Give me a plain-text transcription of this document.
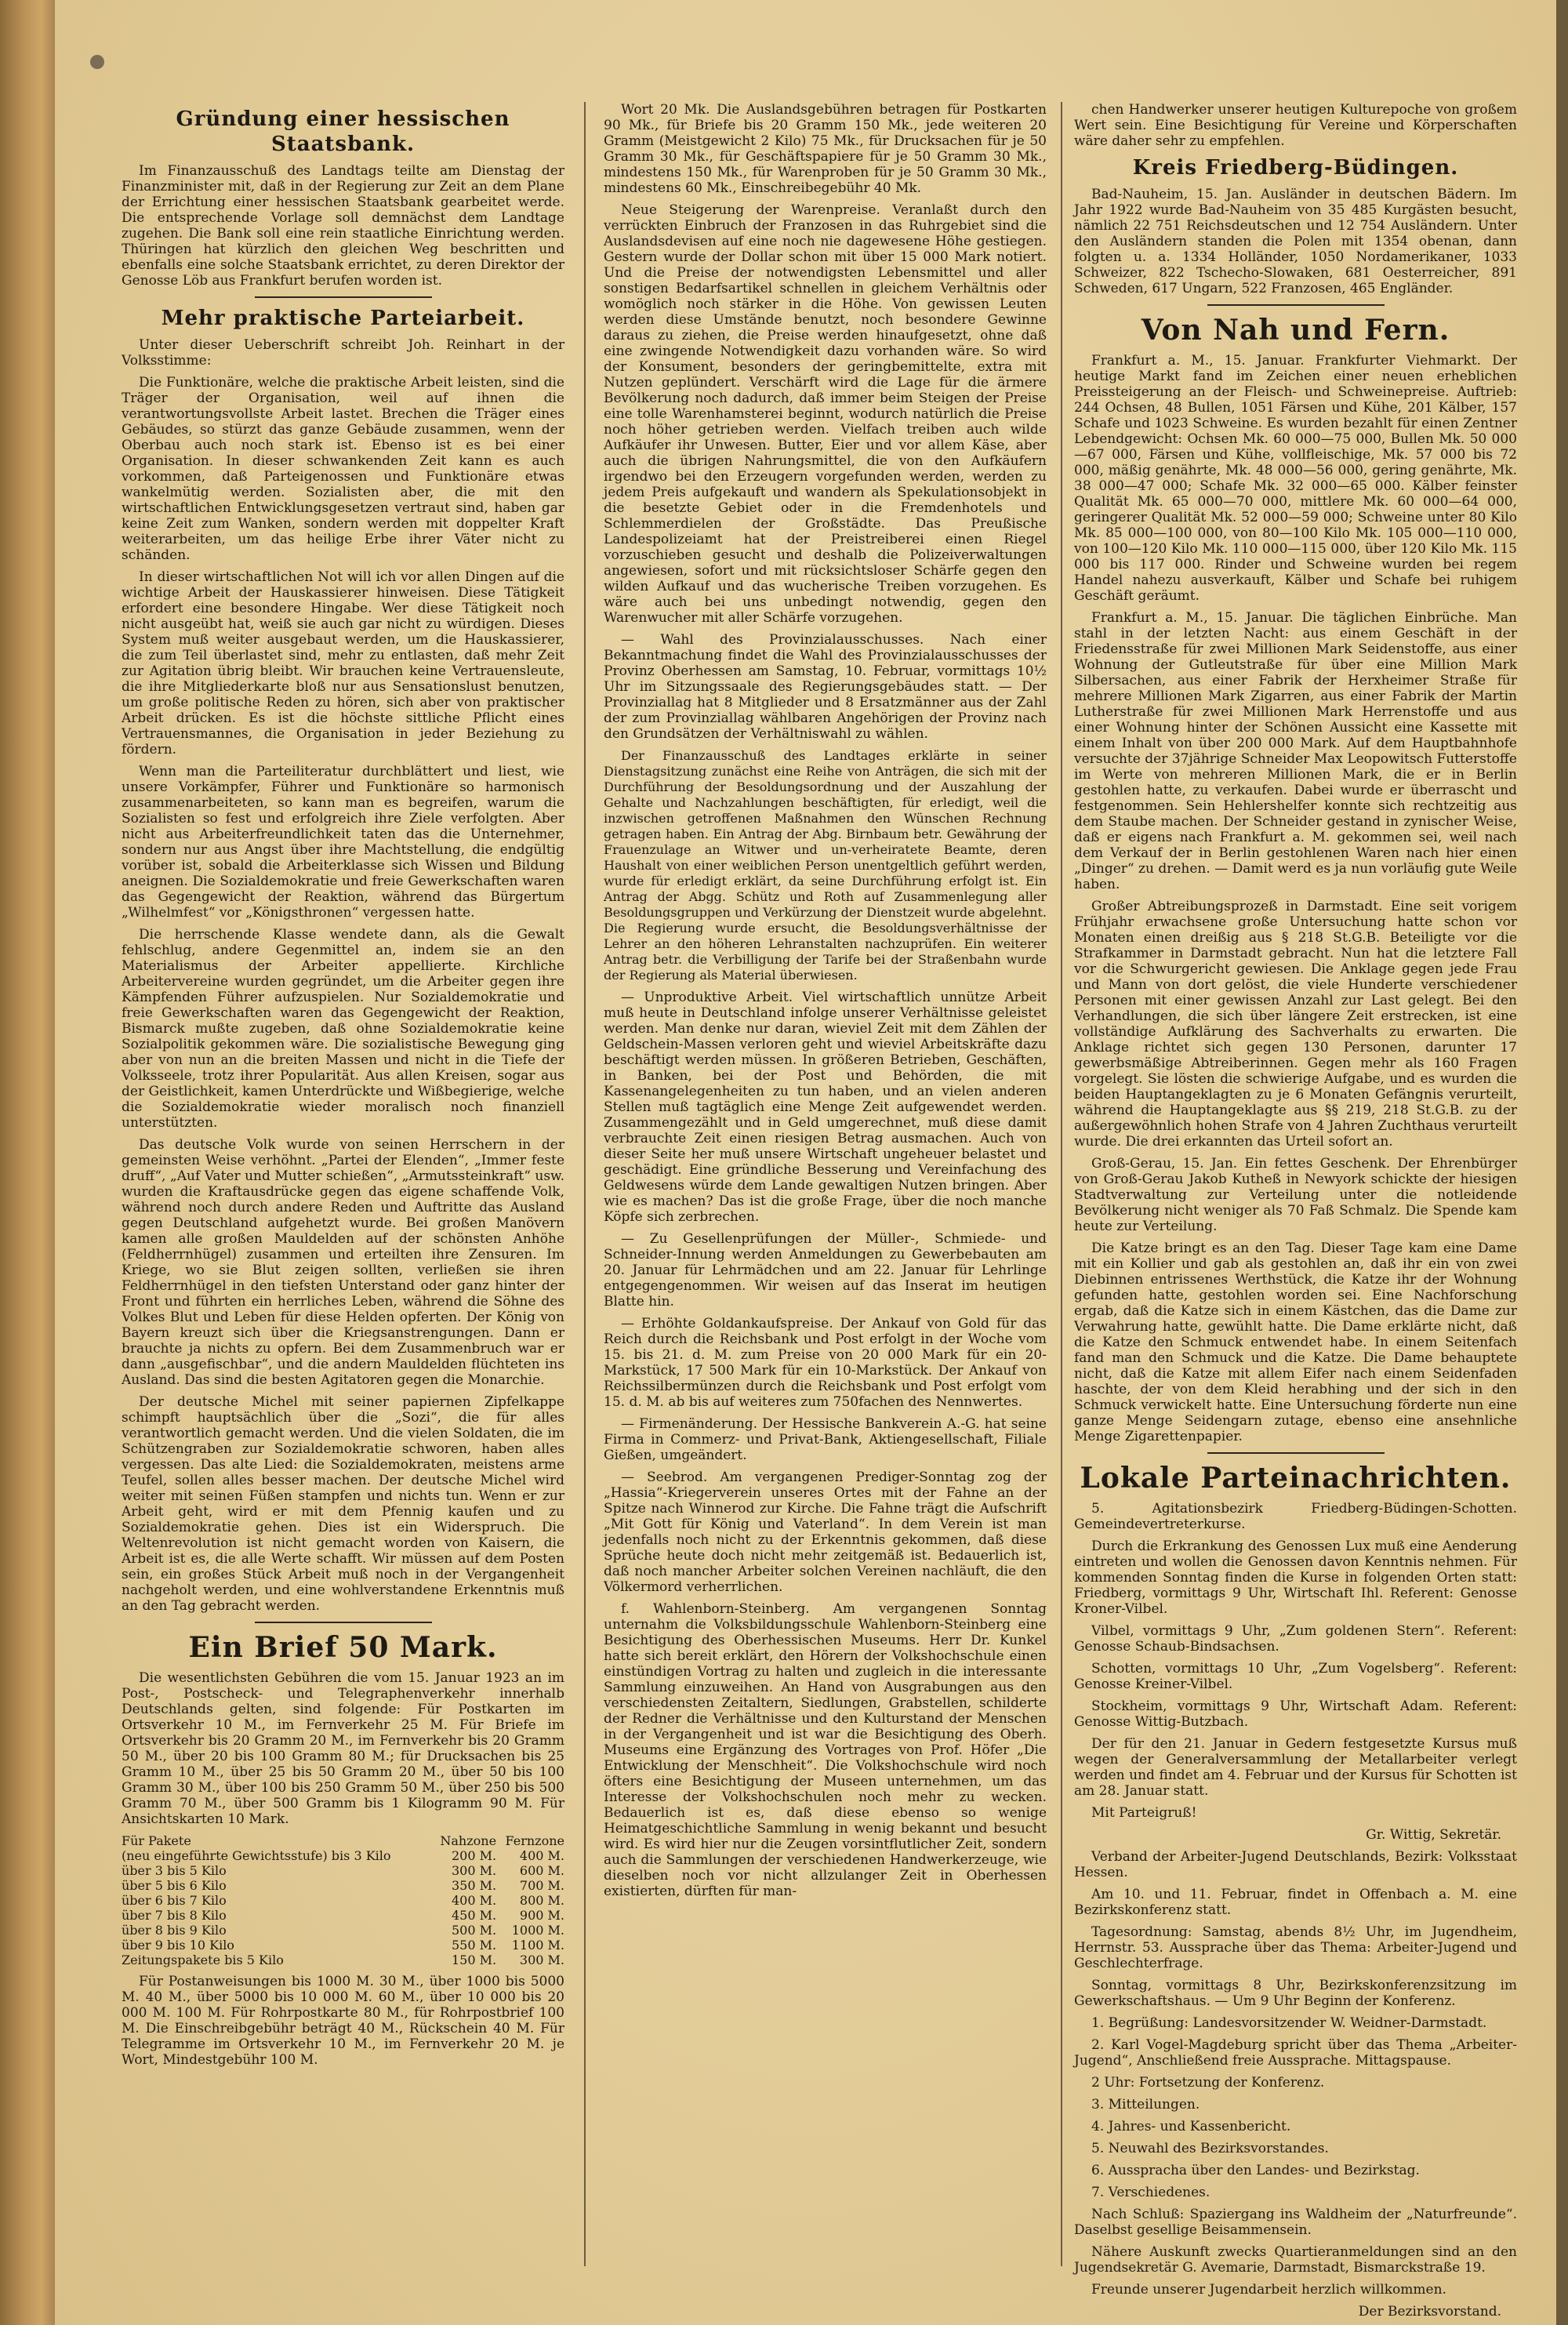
Gründung einer hessischen Staatsbank.

Im Finanzausschuß des Landtags teilte am Dienstag der Finanzminister mit, daß in der Regierung zur Zeit an dem Plane der Errichtung einer hessischen Staatsbank gearbeitet werde. Die entsprechende Vorlage soll demnächst dem Landtage zugehen. Die Bank soll eine rein staatliche Einrichtung werden. Thüringen hat kürzlich den gleichen Weg beschritten und ebenfalls eine solche Staatsbank errichtet, zu deren Direktor der Genosse Löb aus Frankfurt berufen worden ist.

Mehr praktische Parteiarbeit.

Unter dieser Ueberschrift schreibt Joh. Reinhart in der Volksstimme:

Die Funktionäre, welche die praktische Arbeit leisten, sind die Träger der Organisation, weil auf ihnen die verantwortungsvollste Arbeit lastet. Brechen die Träger eines Gebäudes, so stürzt das ganze Gebäude zusammen, wenn der Oberbau auch noch stark ist. Ebenso ist es bei einer Organisation. In dieser schwankenden Zeit kann es auch vorkommen, daß Parteigenossen und Funktionäre etwas wankelmütig werden. Sozialisten aber, die mit den wirtschaftlichen Entwicklungsgesetzen vertraut sind, haben gar keine Zeit zum Wanken, sondern werden mit doppelter Kraft weiterarbeiten, um das heilige Erbe ihrer Väter nicht zu schänden.

In dieser wirtschaftlichen Not will ich vor allen Dingen auf die wichtige Arbeit der Hauskassierer hinweisen. Diese Tätigkeit erfordert eine besondere Hingabe. Wer diese Tätigkeit noch nicht ausgeübt hat, weiß sie auch gar nicht zu würdigen. Dieses System muß weiter ausgebaut werden, um die Hauskassierer, die zum Teil überlastet sind, mehr zu entlasten, daß mehr Zeit zur Agitation übrig bleibt. Wir brauchen keine Vertrauensleute, die ihre Mitgliederkarte bloß nur aus Sensationslust benutzen, um große politische Reden zu hören, sich aber von praktischer Arbeit drücken. Es ist die höchste sittliche Pflicht eines Vertrauensmannes, die Organisation in jeder Beziehung zu fördern.

Wenn man die Parteiliteratur durchblättert und liest, wie unsere Vorkämpfer, Führer und Funktionäre so harmonisch zusammenarbeiteten, so kann man es begreifen, warum die Sozialisten so fest und erfolgreich ihre Ziele verfolgten. Aber nicht aus Arbeiterfreundlichkeit taten das die Unternehmer, sondern nur aus Angst über ihre Machtstellung, die endgültig vorüber ist, sobald die Arbeiterklasse sich Wissen und Bildung aneignen. Die Sozialdemokratie und freie Gewerkschaften waren das Gegengewicht der Reaktion, während das Bürgertum „Wilhelmfest“ vor „Königsthronen“ vergessen hatte.

Die herrschende Klasse wendete dann, als die Gewalt fehlschlug, andere Gegenmittel an, indem sie an den Materialismus der Arbeiter appellierte. Kirchliche Arbeitervereine wurden gegründet, um die Arbeiter gegen ihre Kämpfenden Führer aufzuspielen. Nur Sozialdemokratie und freie Gewerkschaften waren das Gegengewicht der Reaktion, Bismarck mußte zugeben, daß ohne Sozialdemokratie keine Sozialpolitik gekommen wäre. Die sozialistische Bewegung ging aber von nun an die breiten Massen und nicht in die Tiefe der Volksseele, trotz ihrer Popularität. Aus allen Kreisen, sogar aus der Geistlichkeit, kamen Unterdrückte und Wißbegierige, welche die Sozialdemokratie wieder moralisch noch finanziell unterstützten.

Das deutsche Volk wurde von seinen Herrschern in der gemeinsten Weise verhöhnt. „Partei der Elenden“, „Immer feste druff“, „Auf Vater und Mutter schießen“, „Armutssteinkraft“ usw. wurden die Kraftausdrücke gegen das eigene schaffende Volk, während noch durch andere Reden und Auftritte das Ausland gegen Deutschland aufgehetzt wurde. Bei großen Manövern kamen alle großen Mauldelden auf der schönsten Anhöhe (Feldherrnhügel) zusammen und erteilten ihre Zensuren. Im Kriege, wo sie Blut zeigen sollten, verließen sie ihren Feldherrnhügel in den tiefsten Unterstand oder ganz hinter der Front und führten ein herrliches Leben, während die Söhne des Volkes Blut und Leben für diese Helden opferten. Der König von Bayern kreuzt sich über die Kriegsanstrengungen. Dann er brauchte ja nichts zu opfern. Bei dem Zusammenbruch war er dann „ausgefischbar“, und die andern Mauldelden flüchteten ins Ausland. Das sind die besten Agitatoren gegen die Monarchie.

Der deutsche Michel mit seiner papiernen Zipfelkappe schimpft hauptsächlich über die „Sozi“, die für alles verantwortlich gemacht werden. Und die vielen Soldaten, die im Schützengraben zur Sozialdemokratie schworen, haben alles vergessen. Das alte Lied: die Sozialdemokraten, meistens arme Teufel, sollen alles besser machen. Der deutsche Michel wird weiter mit seinen Füßen stampfen und nichts tun. Wenn er zur Arbeit geht, wird er mit dem Pfennig kaufen und zu Sozialdemokratie gehen. Dies ist ein Widerspruch. Die Weltenrevolution ist nicht gemacht worden von Kaisern, die Arbeit ist es, die alle Werte schafft. Wir müssen auf dem Posten sein, ein großes Stück Arbeit muß noch in der Vergangenheit nachgeholt werden, und eine wohlverstandene Erkenntnis muß an den Tag gebracht werden.

Ein Brief 50 Mark.

Die wesentlichsten Gebühren die vom 15. Januar 1923 an im Post-, Postscheck- und Telegraphenverkehr innerhalb Deutschlands gelten, sind folgende: Für Postkarten im Ortsverkehr 10 M., im Fernverkehr 25 M. Für Briefe im Ortsverkehr bis 20 Gramm 20 M., im Fernverkehr bis 20 Gramm 50 M., über 20 bis 100 Gramm 80 M.; für Drucksachen bis 25 Gramm 10 M., über 25 bis 50 Gramm 20 M., über 50 bis 100 Gramm 30 M., über 100 bis 250 Gramm 50 M., über 250 bis 500 Gramm 70 M., über 500 Gramm bis 1 Kilogramm 90 M. Für Ansichtskarten 10 Mark.

Für Pakete	Nahzone	Fernzone
(neu eingeführte Gewichtsstufe) bis 3 Kilo	200 M.	400 M.
über 3 bis 5 Kilo	300 M.	600 M.
über 5 bis 6 Kilo	350 M.	700 M.
über 6 bis 7 Kilo	400 M.	800 M.
über 7 bis 8 Kilo	450 M.	900 M.
über 8 bis 9 Kilo	500 M.	1000 M.
über 9 bis 10 Kilo	550 M.	1100 M.
Zeitungspakete bis 5 Kilo	150 M.	300 M.

Für Postanweisungen bis 1000 M. 30 M., über 1000 bis 5000 M. 40 M., über 5000 bis 10 000 M. 60 M., über 10 000 bis 20 000 M. 100 M. Für Rohrpostkarte 80 M., für Rohrpostbrief 100 M. Die Einschreibgebühr beträgt 40 M., Rückschein 40 M. Für Telegramme im Ortsverkehr 10 M., im Fernverkehr 20 M. je Wort, Mindestgebühr 100 M.

Wort 20 Mk. Die Auslandsgebühren betragen für Postkarten 90 Mk., für Briefe bis 20 Gramm 150 Mk., jede weiteren 20 Gramm (Meistgewicht 2 Kilo) 75 Mk., für Drucksachen für je 50 Gramm 30 Mk., für Geschäftspapiere für je 50 Gramm 30 Mk., mindestens 150 Mk., für Warenproben für je 50 Gramm 30 Mk., mindestens 60 Mk., Einschreibegebühr 40 Mk.

Neue Steigerung der Warenpreise. Veranlaßt durch den verrückten Einbruch der Franzosen in das Ruhrgebiet sind die Auslandsdevisen auf eine noch nie dagewesene Höhe gestiegen. Gestern wurde der Dollar schon mit über 15 000 Mark notiert. Und die Preise der notwendigsten Lebensmittel und aller sonstigen Bedarfsartikel schnellen in gleichem Verhältnis oder womöglich noch stärker in die Höhe. Von gewissen Leuten werden diese Umstände benutzt, noch besondere Gewinne daraus zu ziehen, die Preise werden hinaufgesetzt, ohne daß eine zwingende Notwendigkeit dazu vorhanden wäre. So wird der Konsument, besonders der geringbemittelte, extra mit Nutzen geplündert. Verschärft wird die Lage für die ärmere Bevölkerung noch dadurch, daß immer beim Steigen der Preise eine tolle Warenhamsterei beginnt, wodurch natürlich die Preise noch höher getrieben werden. Vielfach treiben auch wilde Aufkäufer ihr Unwesen. Butter, Eier und vor allem Käse, aber auch die übrigen Nahrungsmittel, die von den Aufkäufern irgendwo bei den Erzeugern vorgefunden werden, werden zu jedem Preis aufgekauft und wandern als Spekulationsobjekt in die besetzte Gebiet oder in die Fremdenhotels und Schlemmerdielen der Großstädte. Das Preußische Landespolizeiamt hat der Preistreiberei einen Riegel vorzuschieben gesucht und deshalb die Polizeiverwaltungen angewiesen, sofort und mit rücksichtsloser Schärfe gegen den wilden Aufkauf und das wucherische Treiben vorzugehen. Es wäre auch bei uns unbedingt notwendig, gegen den Warenwucher mit aller Schärfe vorzugehen.

— Wahl des Provinzialausschusses. Nach einer Bekanntmachung findet die Wahl des Provinzialausschusses der Provinz Oberhessen am Samstag, 10. Februar, vormittags 10½ Uhr im Sitzungssaale des Regierungsgebäudes statt. — Der Provinziallag hat 8 Mitglieder und 8 Ersatzmänner aus der Zahl der zum Provinziallag wählbaren Angehörigen der Provinz nach den Grundsätzen der Verhältniswahl zu wählen.

Der Finanzausschuß des Landtages erklärte in seiner Dienstagsitzung zunächst eine Reihe von Anträgen, die sich mit der Durchführung der Besoldungsordnung und der Auszahlung der Gehalte und Nachzahlungen beschäftigten, für erledigt, weil die inzwischen getroffenen Maßnahmen den Wünschen Rechnung getragen haben. Ein Antrag der Abg. Birnbaum betr. Gewährung der Frauenzulage an Witwer und un-verheiratete Beamte, deren Haushalt von einer weiblichen Person unentgeltlich geführt werden, wurde für erledigt erklärt, da seine Durchführung erfolgt ist. Ein Antrag der Abgg. Schütz und Roth auf Zusammenlegung aller Besoldungsgruppen und Verkürzung der Dienstzeit wurde abgelehnt. Die Regierung wurde ersucht, die Besoldungsverhältnisse der Lehrer an den höheren Lehranstalten nachzuprüfen. Ein weiterer Antrag betr. die Verbilligung der Tarife bei der Straßenbahn wurde der Regierung als Material überwiesen.

— Unproduktive Arbeit. Viel wirtschaftlich unnütze Arbeit muß heute in Deutschland infolge unserer Verhältnisse geleistet werden. Man denke nur daran, wieviel Zeit mit dem Zählen der Geldschein-Massen verloren geht und wieviel Arbeitskräfte dazu beschäftigt werden müssen. In größeren Betrieben, Geschäften, in Banken, bei der Post und Behörden, die mit Kassenangelegenheiten zu tun haben, und an vielen anderen Stellen muß tagtäglich eine Menge Zeit aufgewendet werden. Zusammengezählt und in Geld umgerechnet, muß diese damit verbrauchte Zeit einen riesigen Betrag ausmachen. Auch von dieser Seite her muß unsere Wirtschaft ungeheuer belastet und geschädigt. Eine gründliche Besserung und Vereinfachung des Geldwesens würde dem Lande gewaltigen Nutzen bringen. Aber wie es machen? Das ist die große Frage, über die noch manche Köpfe sich zerbrechen.

— Zu Gesellenprüfungen der Müller-, Schmiede- und Schneider-Innung werden Anmeldungen zu Gewerbebauten am 20. Januar für Lehrmädchen und am 22. Januar für Lehrlinge entgegengenommen. Wir weisen auf das Inserat im heutigen Blatte hin.

— Erhöhte Goldankaufspreise. Der Ankauf von Gold für das Reich durch die Reichsbank und Post erfolgt in der Woche vom 15. bis 21. d. M. zum Preise von 20 000 Mark für ein 20-Markstück, 17 500 Mark für ein 10-Markstück. Der Ankauf von Reichssilbermünzen durch die Reichsbank und Post erfolgt vom 15. d. M. ab bis auf weiteres zum 750fachen des Nennwertes.

— Firmenänderung. Der Hessische Bankverein A.-G. hat seine Firma in Commerz- und Privat-Bank, Aktiengesellschaft, Filiale Gießen, umgeändert.

— Seebrod. Am vergangenen Prediger-Sonntag zog der „Hassia“-Kriegerverein unseres Ortes mit der Fahne an der Spitze nach Winnerod zur Kirche. Die Fahne trägt die Aufschrift „Mit Gott für König und Vaterland“. In dem Verein ist man jedenfalls noch nicht zu der Erkenntnis gekommen, daß diese Sprüche heute doch nicht mehr zeitgemäß ist. Bedauerlich ist, daß noch mancher Arbeiter solchen Vereinen nachläuft, die den Völkermord verherrlichen.

f. Wahlenborn-Steinberg. Am vergangenen Sonntag unternahm die Volksbildungsschule Wahlenborn-Steinberg eine Besichtigung des Oberhessischen Museums. Herr Dr. Kunkel hatte sich bereit erklärt, den Hörern der Volkshochschule einen einstündigen Vortrag zu halten und zugleich in die interessante Sammlung einzuweihen. An Hand von Ausgrabungen aus den verschiedensten Zeitaltern, Siedlungen, Grabstellen, schilderte der Redner die Verhältnisse und den Kulturstand der Menschen in der Vergangenheit und ist war die Besichtigung des Oberh. Museums eine Ergänzung des Vortrages von Prof. Höfer „Die Entwicklung der Menschheit“. Die Volkshochschule wird noch öfters eine Besichtigung der Museen unternehmen, um das Interesse der Volkshochschulen noch mehr zu wecken. Bedauerlich ist es, daß diese ebenso so wenige Heimatgeschichtliche Sammlung in wenig bekannt und besucht wird. Es wird hier nur die Zeugen vorsintflutlicher Zeit, sondern auch die Sammlungen der verschiedenen Handwerkerzeuge, wie dieselben noch vor nicht allzulanger Zeit in Oberhessen existierten, dürften für man-

chen Handwerker unserer heutigen Kulturepoche von großem Wert sein. Eine Besichtigung für Vereine und Körperschaften wäre daher sehr zu empfehlen.

Kreis Friedberg-Büdingen.

Bad-Nauheim, 15. Jan. Ausländer in deutschen Bädern. Im Jahr 1922 wurde Bad-Nauheim von 35 485 Kurgästen besucht, nämlich 22 751 Reichsdeutschen und 12 754 Ausländern. Unter den Ausländern standen die Polen mit 1354 obenan, dann folgten u. a. 1334 Holländer, 1050 Nordamerikaner, 1033 Schweizer, 822 Tschecho-Slowaken, 681 Oesterreicher, 891 Schweden, 617 Ungarn, 522 Franzosen, 465 Engländer.

Von Nah und Fern.

Frankfurt a. M., 15. Januar. Frankfurter Viehmarkt. Der heutige Markt fand im Zeichen einer neuen erheblichen Preissteigerung an der Fleisch- und Schweinepreise. Auftrieb: 244 Ochsen, 48 Bullen, 1051 Färsen und Kühe, 201 Kälber, 157 Schafe und 1023 Schweine. Es wurden bezahlt für einen Zentner Lebendgewicht: Ochsen Mk. 60 000—75 000, Bullen Mk. 50 000—67 000, Färsen und Kühe, vollfleischige, Mk. 57 000 bis 72 000, mäßig genährte, Mk. 48 000—56 000, gering genährte, Mk. 38 000—47 000; Schafe Mk. 32 000—65 000. Kälber feinster Qualität Mk. 65 000—70 000, mittlere Mk. 60 000—64 000, geringerer Qualität Mk. 52 000—59 000; Schweine unter 80 Kilo Mk. 85 000—100 000, von 80—100 Kilo Mk. 105 000—110 000, von 100—120 Kilo Mk. 110 000—115 000, über 120 Kilo Mk. 115 000 bis 117 000. Rinder und Schweine wurden bei regem Handel nahezu ausverkauft, Kälber und Schafe bei ruhigem Geschäft geräumt.

Frankfurt a. M., 15. Januar. Die täglichen Einbrüche. Man stahl in der letzten Nacht: aus einem Geschäft in der Friedensstraße für zwei Millionen Mark Seidenstoffe, aus einer Wohnung der Gutleutstraße für über eine Million Mark Silbersachen, aus einer Fabrik der Herxheimer Straße für mehrere Millionen Mark Zigarren, aus einer Fabrik der Martin Lutherstraße für zwei Millionen Mark Herrenstoffe und aus einer Wohnung hinter der Schönen Aussicht eine Kassette mit einem Inhalt von über 200 000 Mark. Auf dem Hauptbahnhofe versuchte der 37jährige Schneider Max Leopowitsch Futterstoffe im Werte von mehreren Millionen Mark, die er in Berlin gestohlen hatte, zu verkaufen. Dabei wurde er überrascht und festgenommen. Sein Hehlershelfer konnte sich rechtzeitig aus dem Staube machen. Der Schneider gestand in zynischer Weise, daß er eigens nach Frankfurt a. M. gekommen sei, weil nach dem Verkauf der in Berlin gestohlenen Waren nach hier einen „Dinger“ zu drehen. — Damit werd es ja nun vorläufig gute Weile haben.

Großer Abtreibungsprozeß in Darmstadt. Eine seit vorigem Frühjahr erwachsene große Untersuchung hatte schon vor Monaten einen dreißig aus § 218 St.G.B. Beteiligte vor die Strafkammer in Darmstadt gebracht. Nun hat die letztere Fall vor die Schwurgericht gewiesen. Die Anklage gegen jede Frau und Mann von dort gelöst, die viele Hunderte verschiedener Personen mit einer gewissen Anzahl zur Last gelegt. Bei den Verhandlungen, die sich über längere Zeit erstrecken, ist eine vollständige Aufklärung des Sachverhalts zu erwarten. Die Anklage richtet sich gegen 130 Personen, darunter 17 gewerbsmäßige Abtreiberinnen. Gegen mehr als 160 Fragen vorgelegt. Sie lösten die schwierige Aufgabe, und es wurden die beiden Hauptangeklagten zu je 6 Monaten Gefängnis verurteilt, während die Hauptangeklagte aus §§ 219, 218 St.G.B. zu der außergewöhnlich hohen Strafe von 4 Jahren Zuchthaus verurteilt wurde. Die drei erkannten das Urteil sofort an.

Groß-Gerau, 15. Jan. Ein fettes Geschenk. Der Ehrenbürger von Groß-Gerau Jakob Kutheß in Newyork schickte der hiesigen Stadtverwaltung zur Verteilung unter die notleidende Bevölkerung nicht weniger als 70 Faß Schmalz. Die Spende kam heute zur Verteilung.

Die Katze bringt es an den Tag. Dieser Tage kam eine Dame mit ein Kollier und gab als gestohlen an, daß ihr ein von zwei Diebinnen entrissenes Werthstück, die Katze ihr der Wohnung gefunden hatte, gestohlen worden sei. Eine Nachforschung ergab, daß die Katze sich in einem Kästchen, das die Dame zur Verwahrung hatte, gewühlt hatte. Die Dame erklärte nicht, daß die Katze den Schmuck entwendet habe. In einem Seitenfach fand man den Schmuck und die Katze. Die Dame behauptete nicht, daß die Katze mit allem Eifer nach einem Seidenfaden haschte, der von dem Kleid herabhing und der sich in den Schmuck verwickelt hatte. Eine Untersuchung förderte nun eine ganze Menge Seidengarn zutage, ebenso eine ansehnliche Menge Zigarettenpapier.

Lokale Parteinachrichten.

5. Agitationsbezirk Friedberg-Büdingen-Schotten. Gemeindevertreterkurse.

Durch die Erkrankung des Genossen Lux muß eine Aenderung eintreten und wollen die Genossen davon Kenntnis nehmen. Für kommenden Sonntag finden die Kurse in folgenden Orten statt: Friedberg, vormittags 9 Uhr, Wirtschaft Ihl. Referent: Genosse Kroner-Vilbel.

Vilbel, vormittags 9 Uhr, „Zum goldenen Stern“. Referent: Genosse Schaub-Bindsachsen.

Schotten, vormittags 10 Uhr, „Zum Vogelsberg“. Referent: Genosse Kreiner-Vilbel.

Stockheim, vormittags 9 Uhr, Wirtschaft Adam. Referent: Genosse Wittig-Butzbach.

Der für den 21. Januar in Gedern festgesetzte Kursus muß wegen der Generalversammlung der Metallarbeiter verlegt werden und findet am 4. Februar und der Kursus für Schotten ist am 28. Januar statt.

Mit Parteigruß!

Gr. Wittig, Sekretär.

Verband der Arbeiter-Jugend Deutschlands, Bezirk: Volksstaat Hessen.

Am 10. und 11. Februar, findet in Offenbach a. M. eine Bezirkskonferenz statt.

Tagesordnung: Samstag, abends 8½ Uhr, im Jugendheim, Herrnstr. 53. Aussprache über das Thema: Arbeiter-Jugend und Geschlechterfrage.

Sonntag, vormittags 8 Uhr, Bezirkskonferenzsitzung im Gewerkschaftshaus. — Um 9 Uhr Beginn der Konferenz.

1. Begrüßung: Landesvorsitzender W. Weidner-Darmstadt.

2. Karl Vogel-Magdeburg spricht über das Thema „Arbeiter-Jugend“, Anschließend freie Aussprache. Mittagspause.

2 Uhr: Fortsetzung der Konferenz.

3. Mitteilungen.

4. Jahres- und Kassenbericht.

5. Neuwahl des Bezirksvorstandes.

6. Ausspracha über den Landes- und Bezirkstag.

7. Verschiedenes.

Nach Schluß: Spaziergang ins Waldheim der „Naturfreunde“. Daselbst gesellige Beisammensein.

Nähere Auskunft zwecks Quartieranmeldungen sind an den Jugendsekretär G. Avemarie, Darmstadt, Bismarckstraße 19.

Freunde unserer Jugendarbeit herzlich willkommen.

Der Bezirksvorstand.
